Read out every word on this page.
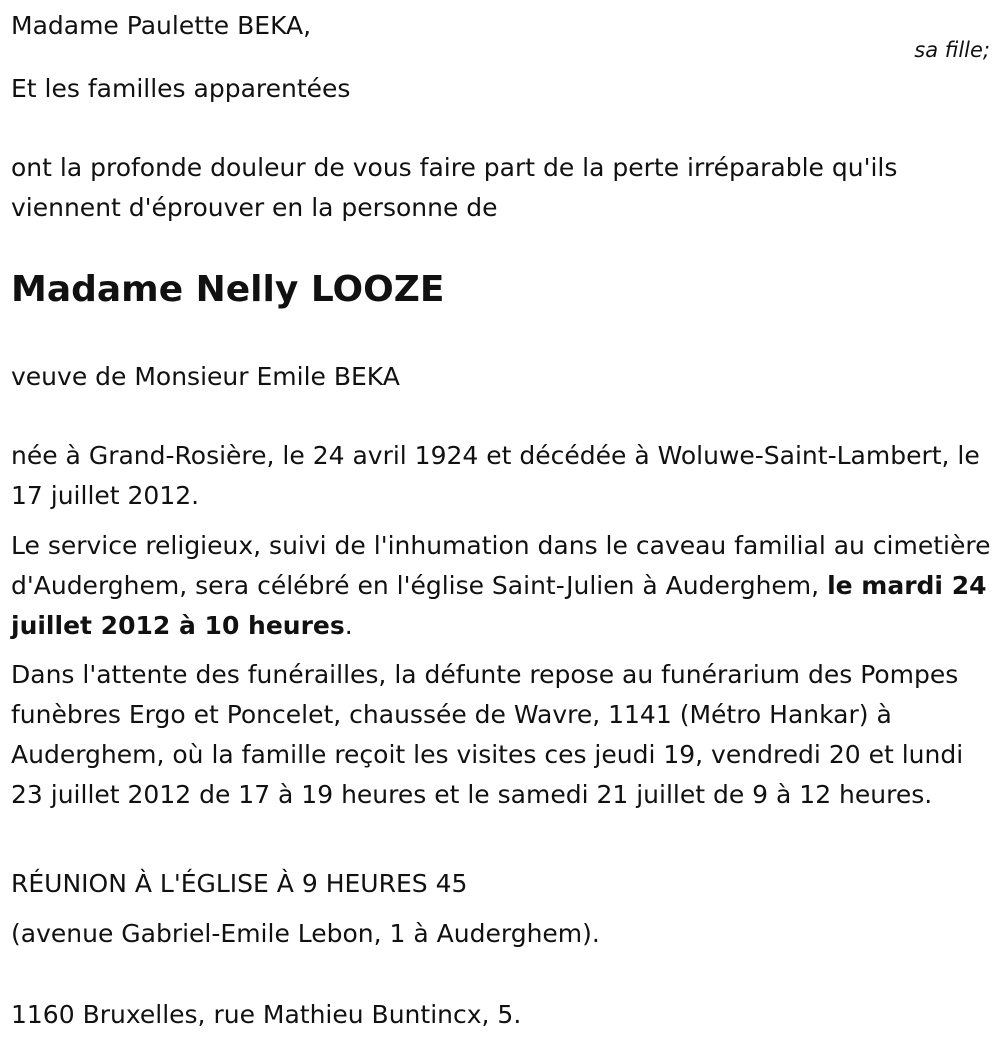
Madame Paulette BEKA,

sa fille;

Et les familles apparentées

ont la profonde douleur de vous faire part de la perte irréparable qu'ils

viennent d'éprouver en la personne de

Madame Nelly LOOZE

veuve de Monsieur Emile BEKA

née à Grand-Rosière, le 24 avril 1924 et décédée à Woluwe-Saint-Lambert, le 17 juillet 2012.

Le service religieux, suivi de l'inhumation dans le caveau familial au cimetière d'Auderghem, sera célébré en l'église Saint-Julien à Auderghem, le mardi 24 juillet 2012 à 10 heures.

Dans l'attente des funérailles, la défunte repose au funérarium des Pompes funèbres Ergo et Poncelet, chaussée de Wavre, 1141 (Métro Hankar) à Auderghem, où la famille reçoit les visites ces jeudi 19, vendredi 20 et lundi 23 juillet 2012 de 17 à 19 heures et le samedi 21 juillet de 9 à 12 heures.

RÉUNION À L'ÉGLISE À 9 HEURES 45

(avenue Gabriel-Emile Lebon, 1 à Auderghem).

1160 Bruxelles, rue Mathieu Buntincx, 5.
